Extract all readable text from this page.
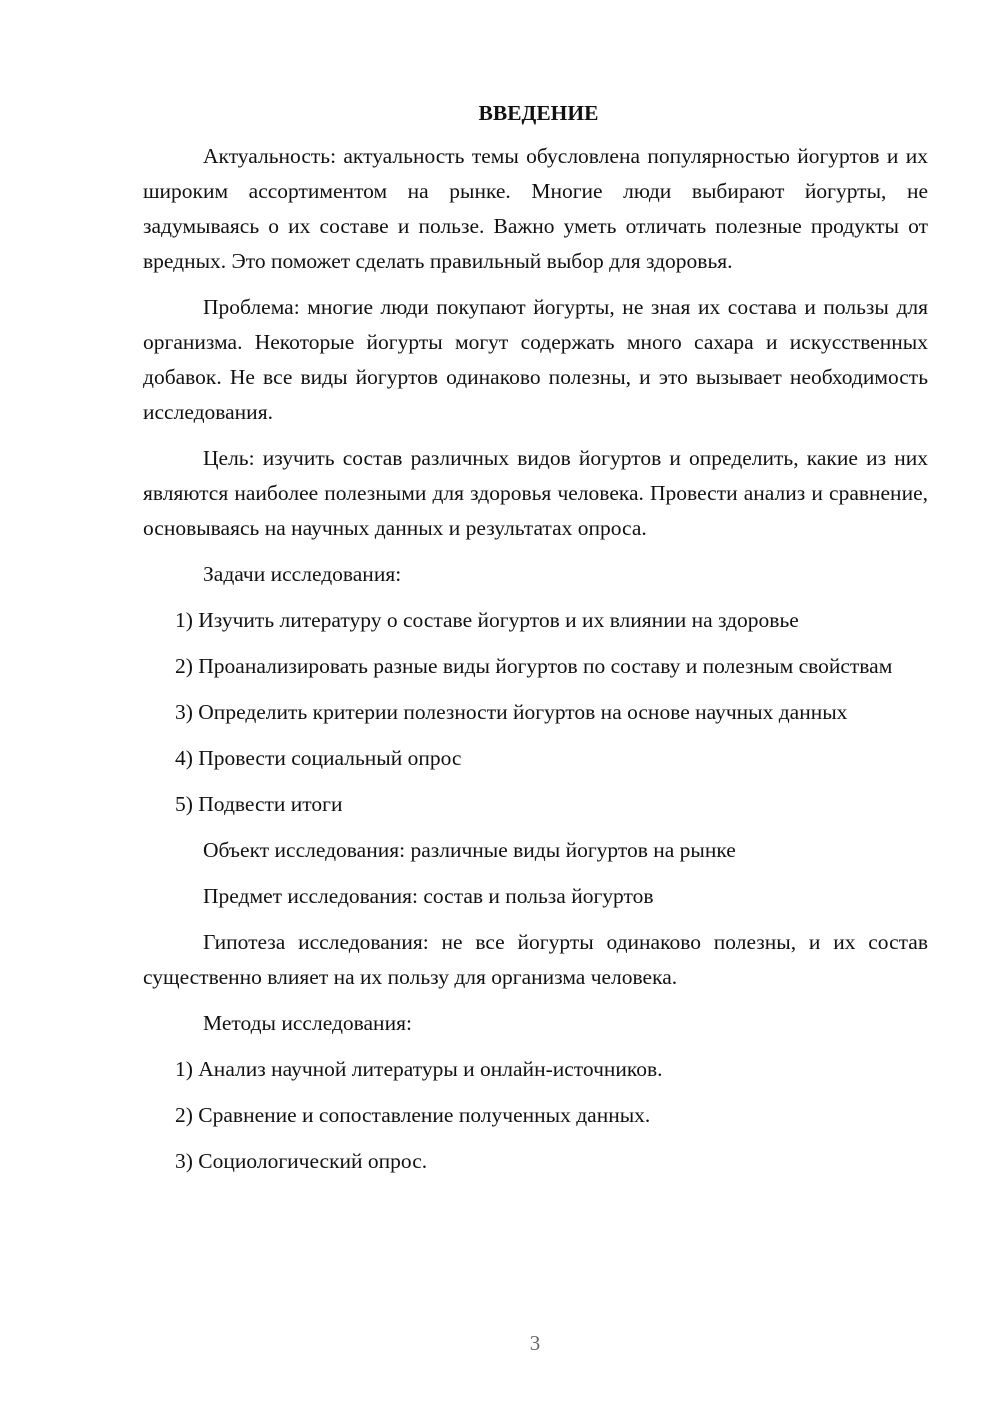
ВВЕДЕНИЕ

Актуальность: актуальность темы обусловлена популярностью йогуртов и их широким ассортиментом на рынке. Многие люди выбирают йогурты, не задумываясь о их составе и пользе. Важно уметь отличать полезные продукты от вредных. Это поможет сделать правильный выбор для здоровья.

Проблема: многие люди покупают йогурты, не зная их состава и пользы для организма. Некоторые йогурты могут содержать много сахара и искусственных добавок. Не все виды йогуртов одинаково полезны, и это вызывает необходимость исследования.

Цель: изучить состав различных видов йогуртов и определить, какие из них являются наиболее полезными для здоровья человека. Провести анализ и сравнение, основываясь на научных данных и результатах опроса.

Задачи исследования:

1) Изучить литературу о составе йогуртов и их влиянии на здоровье

2) Проанализировать разные виды йогуртов по составу и полезным свойствам

3) Определить критерии полезности йогуртов на основе научных данных

4) Провести социальный опрос

5) Подвести итоги

Объект исследования: различные виды йогуртов на рынке

Предмет исследования: состав и польза йогуртов

Гипотеза исследования: не все йогурты одинаково полезны, и их состав существенно влияет на их пользу для организма человека.

Методы исследования:

1) Анализ научной литературы и онлайн-источников.

2) Сравнение и сопоставление полученных данных.

3) Социологический опрос.

3
